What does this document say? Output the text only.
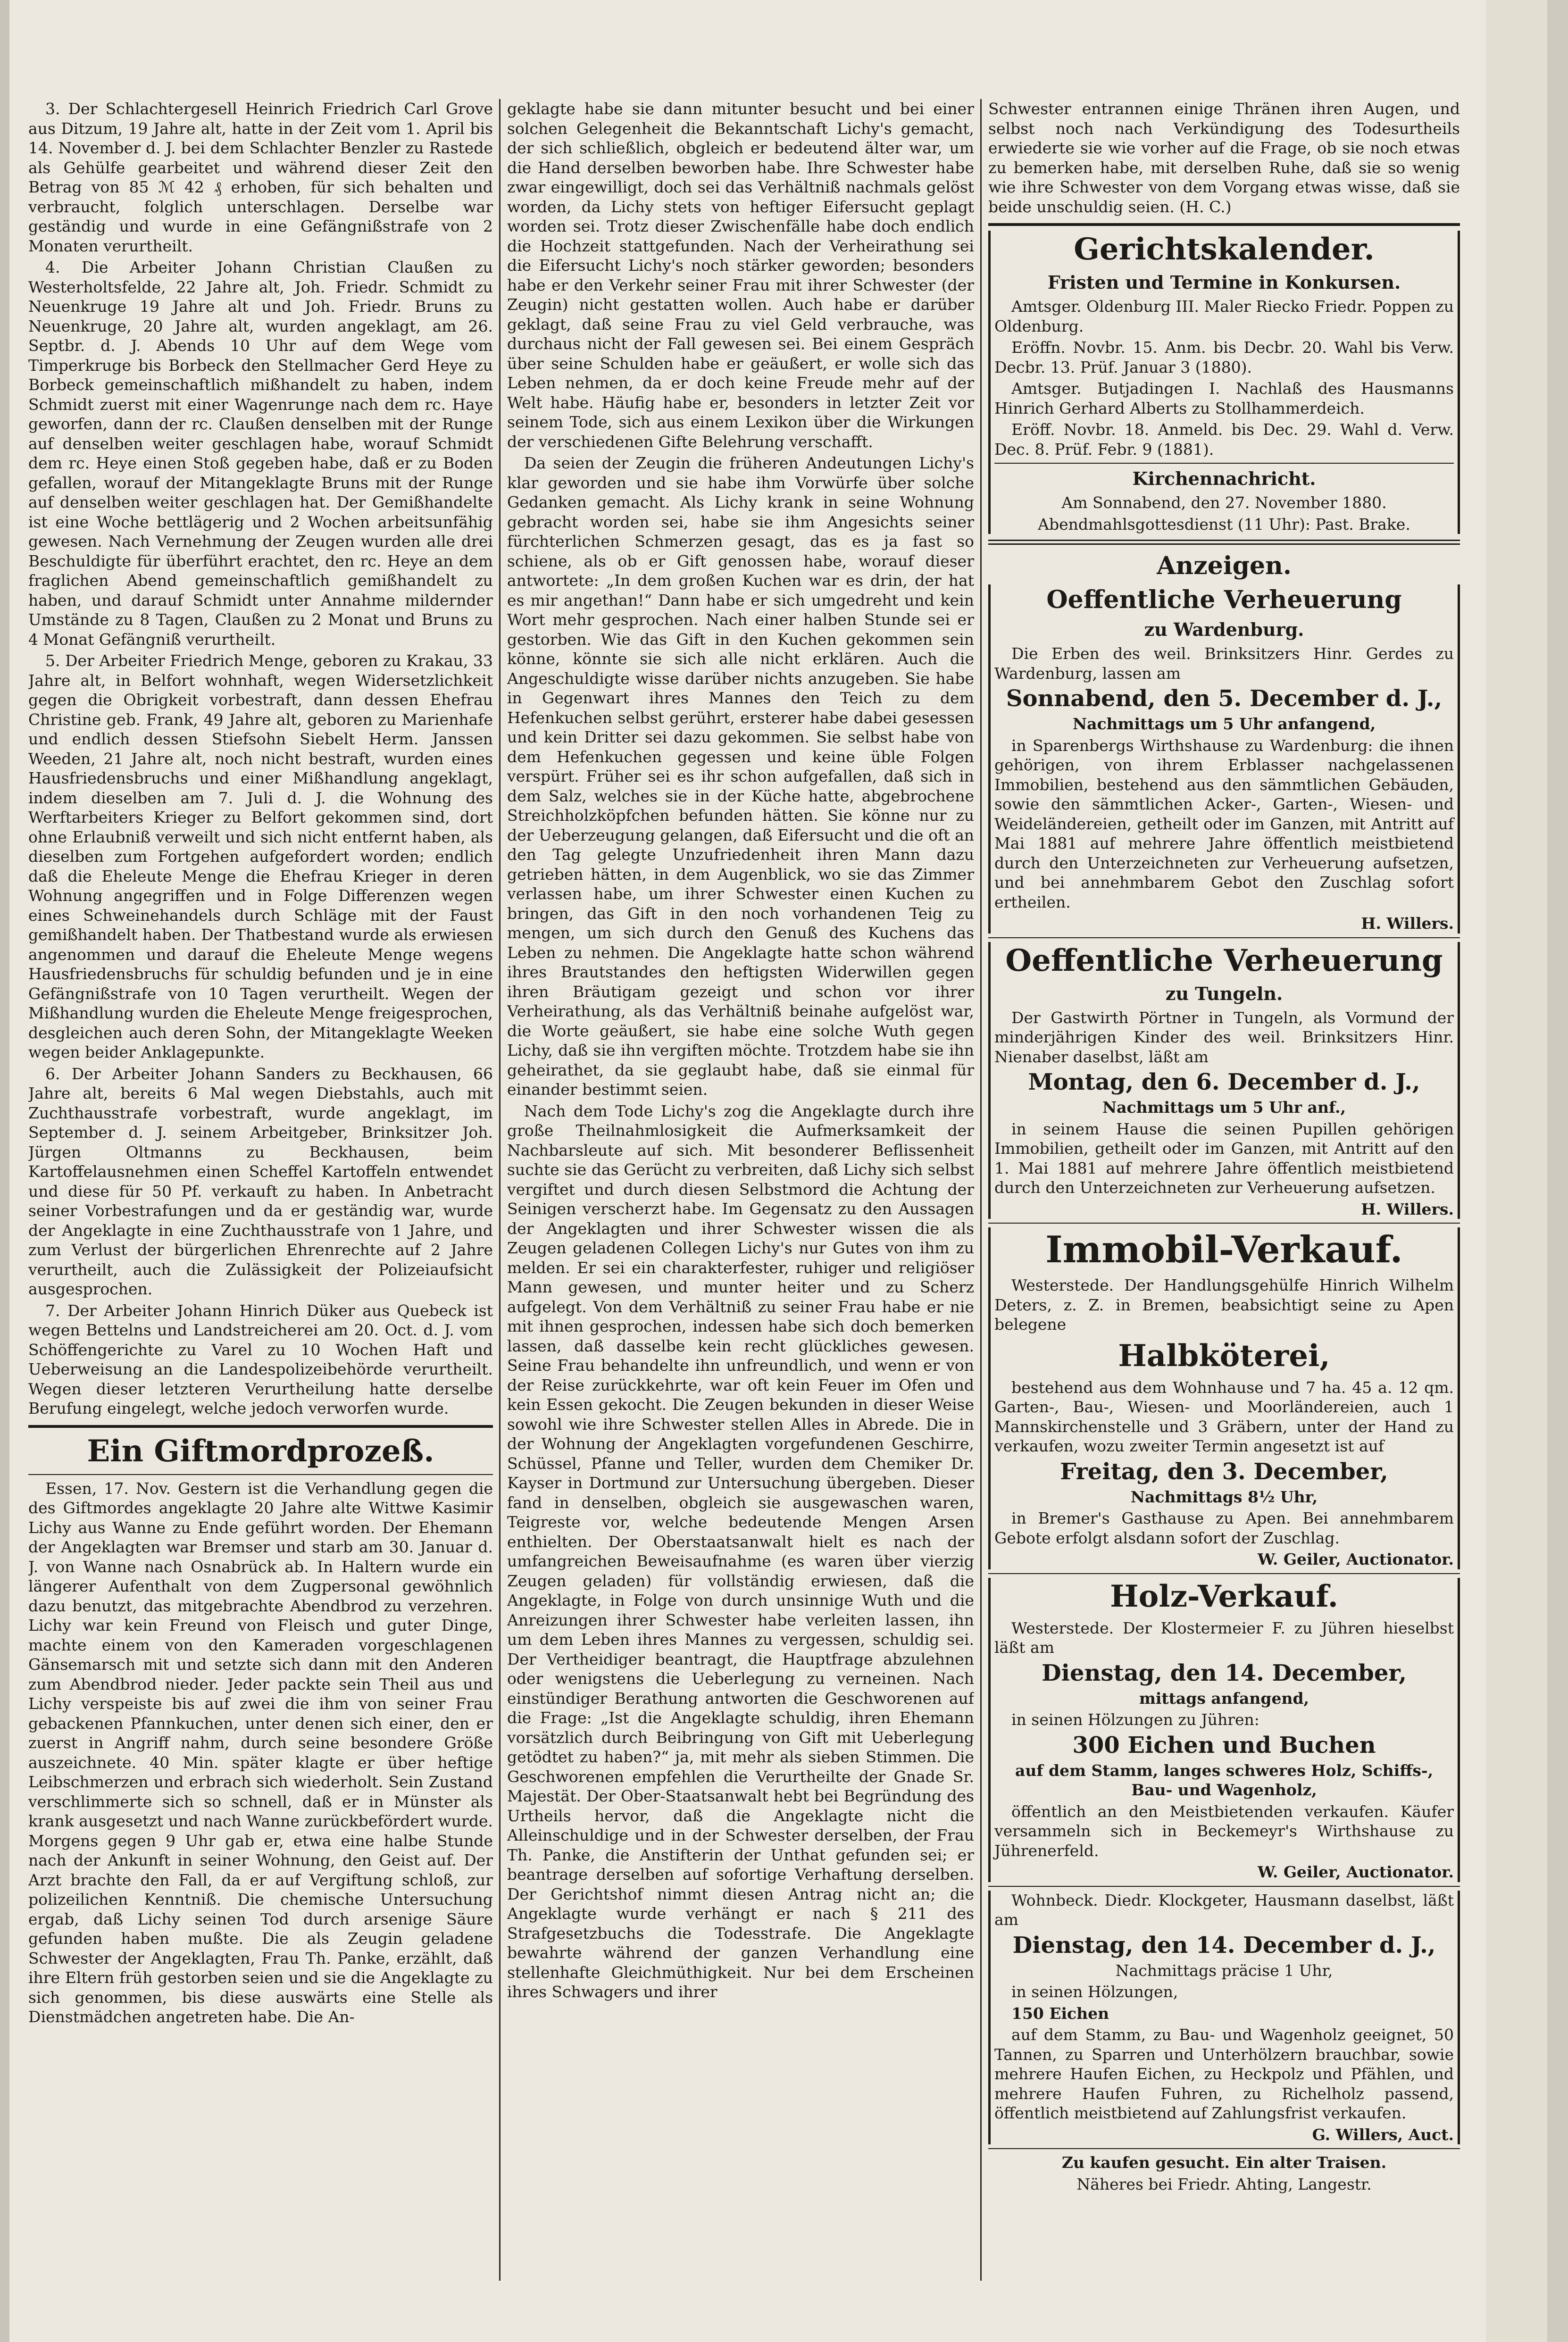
3. Der Schlachtergesell Heinrich Friedrich Carl Grove aus Ditzum, 19 Jahre alt, hatte in der Zeit vom 1. April bis 14. November d. J. bei dem Schlachter Benzler zu Rastede als Gehülfe gearbeitet und während dieser Zeit den Betrag von 85 ℳ 42 ₰ erhoben, für sich behalten und verbraucht, folglich unterschlagen. Derselbe war geständig und wurde in eine Gefängnißstrafe von 2 Monaten verurtheilt.

4. Die Arbeiter Johann Christian Claußen zu Westerholtsfelde, 22 Jahre alt, Joh. Friedr. Schmidt zu Neuenkruge 19 Jahre alt und Joh. Friedr. Bruns zu Neuenkruge, 20 Jahre alt, wurden angeklagt, am 26. Septbr. d. J. Abends 10 Uhr auf dem Wege vom Timperkruge bis Borbeck den Stellmacher Gerd Heye zu Borbeck gemeinschaftlich mißhandelt zu haben, indem Schmidt zuerst mit einer Wagenrunge nach dem rc. Haye geworfen, dann der rc. Claußen denselben mit der Runge auf denselben weiter geschlagen habe, worauf Schmidt dem rc. Heye einen Stoß gegeben habe, daß er zu Boden gefallen, worauf der Mitangeklagte Bruns mit der Runge auf denselben weiter geschlagen hat. Der Gemißhandelte ist eine Woche bettlägerig und 2 Wochen arbeitsunfähig gewesen. Nach Vernehmung der Zeugen wurden alle drei Beschuldigte für überführt erachtet, den rc. Heye an dem fraglichen Abend gemeinschaftlich gemißhandelt zu haben, und darauf Schmidt unter Annahme mildernder Umstände zu 8 Tagen, Claußen zu 2 Monat und Bruns zu 4 Monat Gefängniß verurtheilt.

5. Der Arbeiter Friedrich Menge, geboren zu Krakau, 33 Jahre alt, in Belfort wohnhaft, wegen Widersetzlichkeit gegen die Obrigkeit vorbestraft, dann dessen Ehefrau Christine geb. Frank, 49 Jahre alt, geboren zu Marienhafe und endlich dessen Stiefsohn Siebelt Herm. Janssen Weeden, 21 Jahre alt, noch nicht bestraft, wurden eines Hausfriedensbruchs und einer Mißhandlung angeklagt, indem dieselben am 7. Juli d. J. die Wohnung des Werftarbeiters Krieger zu Belfort gekommen sind, dort ohne Erlaubniß verweilt und sich nicht entfernt haben, als dieselben zum Fortgehen aufgefordert worden; endlich daß die Eheleute Menge die Ehefrau Krieger in deren Wohnung angegriffen und in Folge Differenzen wegen eines Schweinehandels durch Schläge mit der Faust gemißhandelt haben. Der Thatbestand wurde als erwiesen angenommen und darauf die Eheleute Menge wegens Hausfriedensbruchs für schuldig befunden und je in eine Gefängnißstrafe von 10 Tagen verurtheilt. Wegen der Mißhandlung wurden die Eheleute Menge freigesprochen, desgleichen auch deren Sohn, der Mitangeklagte Weeken wegen beider Anklagepunkte.

6. Der Arbeiter Johann Sanders zu Beckhausen, 66 Jahre alt, bereits 6 Mal wegen Diebstahls, auch mit Zuchthausstrafe vorbestraft, wurde angeklagt, im September d. J. seinem Arbeitgeber, Brinksitzer Joh. Jürgen Oltmanns zu Beckhausen, beim Kartoffelausnehmen einen Scheffel Kartoffeln entwendet und diese für 50 Pf. verkauft zu haben. In Anbetracht seiner Vorbestrafungen und da er geständig war, wurde der Angeklagte in eine Zuchthausstrafe von 1 Jahre, und zum Verlust der bürgerlichen Ehrenrechte auf 2 Jahre verurtheilt, auch die Zulässigkeit der Polizeiaufsicht ausgesprochen.

7. Der Arbeiter Johann Hinrich Düker aus Quebeck ist wegen Bettelns und Landstreicherei am 20. Oct. d. J. vom Schöffengerichte zu Varel zu 10 Wochen Haft und Ueberweisung an die Landespolizeibehörde verurtheilt. Wegen dieser letzteren Verurtheilung hatte derselbe Berufung eingelegt, welche jedoch verworfen wurde.

Ein Giftmordprozeß.

Essen, 17. Nov. Gestern ist die Verhandlung gegen die des Giftmordes angeklagte 20 Jahre alte Wittwe Kasimir Lichy aus Wanne zu Ende geführt worden. Der Ehemann der Angeklagten war Bremser und starb am 30. Januar d. J. von Wanne nach Osnabrück ab. In Haltern wurde ein längerer Aufenthalt von dem Zugpersonal gewöhnlich dazu benutzt, das mitgebrachte Abendbrod zu verzehren. Lichy war kein Freund von Fleisch und guter Dinge, machte einem von den Kameraden vorgeschlagenen Gänsemarsch mit und setzte sich dann mit den Anderen zum Abendbrod nieder. Jeder packte sein Theil aus und Lichy verspeiste bis auf zwei die ihm von seiner Frau gebackenen Pfannkuchen, unter denen sich einer, den er zuerst in Angriff nahm, durch seine besondere Größe auszeichnete. 40 Min. später klagte er über heftige Leibschmerzen und erbrach sich wiederholt. Sein Zustand verschlimmerte sich so schnell, daß er in Münster als krank ausgesetzt und nach Wanne zurückbefördert wurde. Morgens gegen 9 Uhr gab er, etwa eine halbe Stunde nach der Ankunft in seiner Wohnung, den Geist auf. Der Arzt brachte den Fall, da er auf Vergiftung schloß, zur polizeilichen Kenntniß. Die chemische Untersuchung ergab, daß Lichy seinen Tod durch arsenige Säure gefunden haben mußte. Die als Zeugin geladene Schwester der Angeklagten, Frau Th. Panke, erzählt, daß ihre Eltern früh gestorben seien und sie die Angeklagte zu sich genommen, bis diese auswärts eine Stelle als Dienstmädchen angetreten habe. Die An-

geklagte habe sie dann mitunter besucht und bei einer solchen Gelegenheit die Bekanntschaft Lichy's gemacht, der sich schließlich, obgleich er bedeutend älter war, um die Hand derselben beworben habe. Ihre Schwester habe zwar eingewilligt, doch sei das Verhältniß nachmals gelöst worden, da Lichy stets von heftiger Eifersucht geplagt worden sei. Trotz dieser Zwischenfälle habe doch endlich die Hochzeit stattgefunden. Nach der Verheirathung sei die Eifersucht Lichy's noch stärker geworden; besonders habe er den Verkehr seiner Frau mit ihrer Schwester (der Zeugin) nicht gestatten wollen. Auch habe er darüber geklagt, daß seine Frau zu viel Geld verbrauche, was durchaus nicht der Fall gewesen sei. Bei einem Gespräch über seine Schulden habe er geäußert, er wolle sich das Leben nehmen, da er doch keine Freude mehr auf der Welt habe. Häufig habe er, besonders in letzter Zeit vor seinem Tode, sich aus einem Lexikon über die Wirkungen der verschiedenen Gifte Belehrung verschafft.

Da seien der Zeugin die früheren Andeutungen Lichy's klar geworden und sie habe ihm Vorwürfe über solche Gedanken gemacht. Als Lichy krank in seine Wohnung gebracht worden sei, habe sie ihm Angesichts seiner fürchterlichen Schmerzen gesagt, das es ja fast so schiene, als ob er Gift genossen habe, worauf dieser antwortete: „In dem großen Kuchen war es drin, der hat es mir angethan!“ Dann habe er sich umgedreht und kein Wort mehr gesprochen. Nach einer halben Stunde sei er gestorben. Wie das Gift in den Kuchen gekommen sein könne, könnte sie sich alle nicht erklären. Auch die Angeschuldigte wisse darüber nichts anzugeben. Sie habe in Gegenwart ihres Mannes den Teich zu dem Hefenkuchen selbst gerührt, ersterer habe dabei gesessen und kein Dritter sei dazu gekommen. Sie selbst habe von dem Hefenkuchen gegessen und keine üble Folgen verspürt. Früher sei es ihr schon aufgefallen, daß sich in dem Salz, welches sie in der Küche hatte, abgebrochene Streichholzköpfchen befunden hätten. Sie könne nur zu der Ueberzeugung gelangen, daß Eifersucht und die oft an den Tag gelegte Unzufriedenheit ihren Mann dazu getrieben hätten, in dem Augenblick, wo sie das Zimmer verlassen habe, um ihrer Schwester einen Kuchen zu bringen, das Gift in den noch vorhandenen Teig zu mengen, um sich durch den Genuß des Kuchens das Leben zu nehmen. Die Angeklagte hatte schon während ihres Brautstandes den heftigsten Widerwillen gegen ihren Bräutigam gezeigt und schon vor ihrer Verheirathung, als das Verhältniß beinahe aufgelöst war, die Worte geäußert, sie habe eine solche Wuth gegen Lichy, daß sie ihn vergiften möchte. Trotzdem habe sie ihn geheirathet, da sie geglaubt habe, daß sie einmal für einander bestimmt seien.

Nach dem Tode Lichy's zog die Angeklagte durch ihre große Theilnahmlosigkeit die Aufmerksamkeit der Nachbarsleute auf sich. Mit besonderer Beflissenheit suchte sie das Gerücht zu verbreiten, daß Lichy sich selbst vergiftet und durch diesen Selbstmord die Achtung der Seinigen verscherzt habe. Im Gegensatz zu den Aussagen der Angeklagten und ihrer Schwester wissen die als Zeugen geladenen Collegen Lichy's nur Gutes von ihm zu melden. Er sei ein charakterfester, ruhiger und religiöser Mann gewesen, und munter heiter und zu Scherz aufgelegt. Von dem Verhältniß zu seiner Frau habe er nie mit ihnen gesprochen, indessen habe sich doch bemerken lassen, daß dasselbe kein recht glückliches gewesen. Seine Frau behandelte ihn unfreundlich, und wenn er von der Reise zurückkehrte, war oft kein Feuer im Ofen und kein Essen gekocht. Die Zeugen bekunden in dieser Weise sowohl wie ihre Schwester stellen Alles in Abrede. Die in der Wohnung der Angeklagten vorgefundenen Geschirre, Schüssel, Pfanne und Teller, wurden dem Chemiker Dr. Kayser in Dortmund zur Untersuchung übergeben. Dieser fand in denselben, obgleich sie ausgewaschen waren, Teigreste vor, welche bedeutende Mengen Arsen enthielten. Der Oberstaatsanwalt hielt es nach der umfangreichen Beweisaufnahme (es waren über vierzig Zeugen geladen) für vollständig erwiesen, daß die Angeklagte, in Folge von durch unsinnige Wuth und die Anreizungen ihrer Schwester habe verleiten lassen, ihn um dem Leben ihres Mannes zu vergessen, schuldig sei. Der Vertheidiger beantragt, die Hauptfrage abzulehnen oder wenigstens die Ueberlegung zu verneinen. Nach einstündiger Berathung antworten die Geschworenen auf die Frage: „Ist die Angeklagte schuldig, ihren Ehemann vorsätzlich durch Beibringung von Gift mit Ueberlegung getödtet zu haben?“ ja, mit mehr als sieben Stimmen. Die Geschworenen empfehlen die Verurtheilte der Gnade Sr. Majestät. Der Ober-Staatsanwalt hebt bei Begründung des Urtheils hervor, daß die Angeklagte nicht die Alleinschuldige und in der Schwester derselben, der Frau Th. Panke, die Anstifterin der Unthat gefunden sei; er beantrage derselben auf sofortige Verhaftung derselben. Der Gerichtshof nimmt diesen Antrag nicht an; die Angeklagte wurde verhängt er nach § 211 des Strafgesetzbuchs die Todesstrafe. Die Angeklagte bewahrte während der ganzen Verhandlung eine stellenhafte Gleichmüthigkeit. Nur bei dem Erscheinen ihres Schwagers und ihrer

Schwester entrannen einige Thränen ihren Augen, und selbst noch nach Verkündigung des Todesurtheils erwiederte sie wie vorher auf die Frage, ob sie noch etwas zu bemerken habe, mit derselben Ruhe, daß sie so wenig wie ihre Schwester von dem Vorgang etwas wisse, daß sie beide unschuldig seien. (H. C.)

Gerichtskalender.
Fristen und Termine in Konkursen.

Amtsger. Oldenburg III. Maler Riecko Friedr. Poppen zu Oldenburg.

Eröffn. Novbr. 15. Anm. bis Decbr. 20. Wahl bis Verw. Decbr. 13. Prüf. Januar 3 (1880).

Amtsger. Butjadingen I. Nachlaß des Hausmanns Hinrich Gerhard Alberts zu Stollhammerdeich.

Eröff. Novbr. 18. Anmeld. bis Dec. 29. Wahl d. Verw. Dec. 8. Prüf. Febr. 9 (1881).

Kirchennachricht.

Am Sonnabend, den 27. November 1880.

Abendmahlsgottesdienst (11 Uhr): Past. Brake.

Anzeigen.
Oeffentliche Verheuerung
zu Wardenburg.

Die Erben des weil. Brinksitzers Hinr. Gerdes zu Wardenburg, lassen am

Sonnabend, den 5. December d. J.,

Nachmittags um 5 Uhr anfangend,

in Sparenbergs Wirthshause zu Wardenburg: die ihnen gehörigen, von ihrem Erblasser nachgelassenen Immobilien, bestehend aus den sämmtlichen Gebäuden, sowie den sämmtlichen Acker-, Garten-, Wiesen- und Weideländereien, getheilt oder im Ganzen, mit Antritt auf Mai 1881 auf mehrere Jahre öffentlich meistbietend durch den Unterzeichneten zur Verheuerung aufsetzen, und bei annehmbarem Gebot den Zuschlag sofort ertheilen.

H. Willers.

Oeffentliche Verheuerung
zu Tungeln.

Der Gastwirth Pörtner in Tungeln, als Vormund der minderjährigen Kinder des weil. Brinksitzers Hinr. Nienaber daselbst, läßt am

Montag, den 6. December d. J.,

Nachmittags um 5 Uhr anf.,

in seinem Hause die seinen Pupillen gehörigen Immobilien, getheilt oder im Ganzen, mit Antritt auf den 1. Mai 1881 auf mehrere Jahre öffentlich meistbietend durch den Unterzeichneten zur Verheuerung aufsetzen.

H. Willers.

Immobil-Verkauf.

Westerstede. Der Handlungsgehülfe Hinrich Wilhelm Deters, z. Z. in Bremen, beabsichtigt seine zu Apen belegene

Halbköterei,

bestehend aus dem Wohnhause und 7 ha. 45 a. 12 qm. Garten-, Bau-, Wiesen- und Moorländereien, auch 1 Mannskirchenstelle und 3 Gräbern, unter der Hand zu verkaufen, wozu zweiter Termin angesetzt ist auf

Freitag, den 3. December,

Nachmittags 8½ Uhr,

in Bremer's Gasthause zu Apen. Bei annehmbarem Gebote erfolgt alsdann sofort der Zuschlag.

W. Geiler, Auctionator.

Holz-Verkauf.

Westerstede. Der Klostermeier F. zu Jühren hieselbst läßt am

Dienstag, den 14. December,

mittags anfangend,

in seinen Hölzungen zu Jühren:

300 Eichen und Buchen

auf dem Stamm, langes schweres Holz, Schiffs-, Bau- und Wagenholz,

öffentlich an den Meistbietenden verkaufen. Käufer versammeln sich in Beckemeyr's Wirthshause zu Jührenerfeld.

W. Geiler, Auctionator.

Wohnbeck. Diedr. Klockgeter, Hausmann daselbst, läßt am

Dienstag, den 14. December d. J.,

Nachmittags präcise 1 Uhr,

in seinen Hölzungen,

150 Eichen

auf dem Stamm, zu Bau- und Wagenholz geeignet, 50 Tannen, zu Sparren und Unterhölzern brauchbar, sowie mehrere Haufen Eichen, zu Heckpolz und Pfählen, und mehrere Haufen Fuhren, zu Richelholz passend, öffentlich meistbietend auf Zahlungsfrist verkaufen.

G. Willers, Auct.

Zu kaufen gesucht. Ein alter Traisen.

Näheres bei Friedr. Ahting, Langestr.
